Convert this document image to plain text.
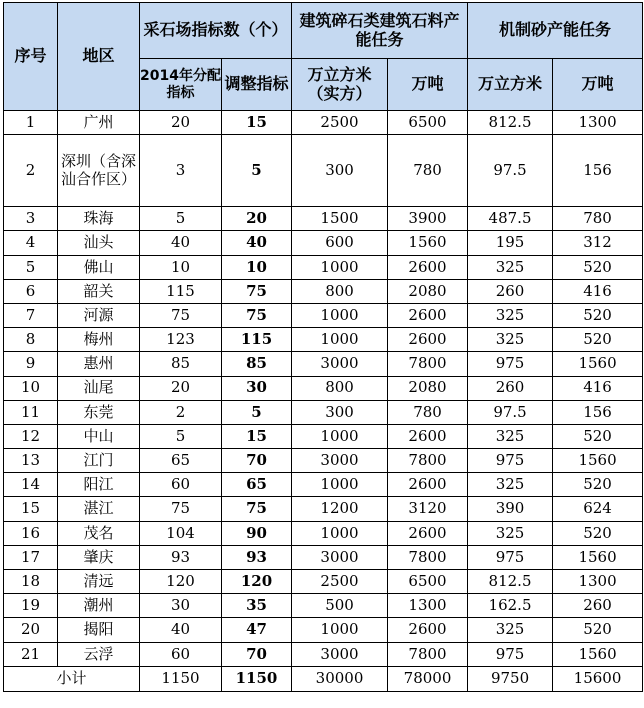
序号	地区	采石场指标数（个）		建筑碎石类建筑石料产能任务		机制砂产能任务	
		2014年分配指标	调整指标	万立方米（实方）	万吨	万立方米	万吨
1	广州	20	15	2500	6500	812.5	1300
2	深圳（含深汕合作区）	3	5	300	780	97.5	156
3	珠海	5	20	1500	3900	487.5	780
4	汕头	40	40	600	1560	195	312
5	佛山	10	10	1000	2600	325	520
6	韶关	115	75	800	2080	260	416
7	河源	75	75	1000	2600	325	520
8	梅州	123	115	1000	2600	325	520
9	惠州	85	85	3000	7800	975	1560
10	汕尾	20	30	800	2080	260	416
11	东莞	2	5	300	780	97.5	156
12	中山	5	15	1000	2600	325	520
13	江门	65	70	3000	7800	975	1560
14	阳江	60	65	1000	2600	325	520
15	湛江	75	75	1200	3120	390	624
16	茂名	104	90	1000	2600	325	520
17	肇庆	93	93	3000	7800	975	1560
18	清远	120	120	2500	6500	812.5	1300
19	潮州	30	35	500	1300	162.5	260
20	揭阳	40	47	1000	2600	325	520
21	云浮	60	70	3000	7800	975	1560
小计		1150	1150	30000	78000	9750	15600
